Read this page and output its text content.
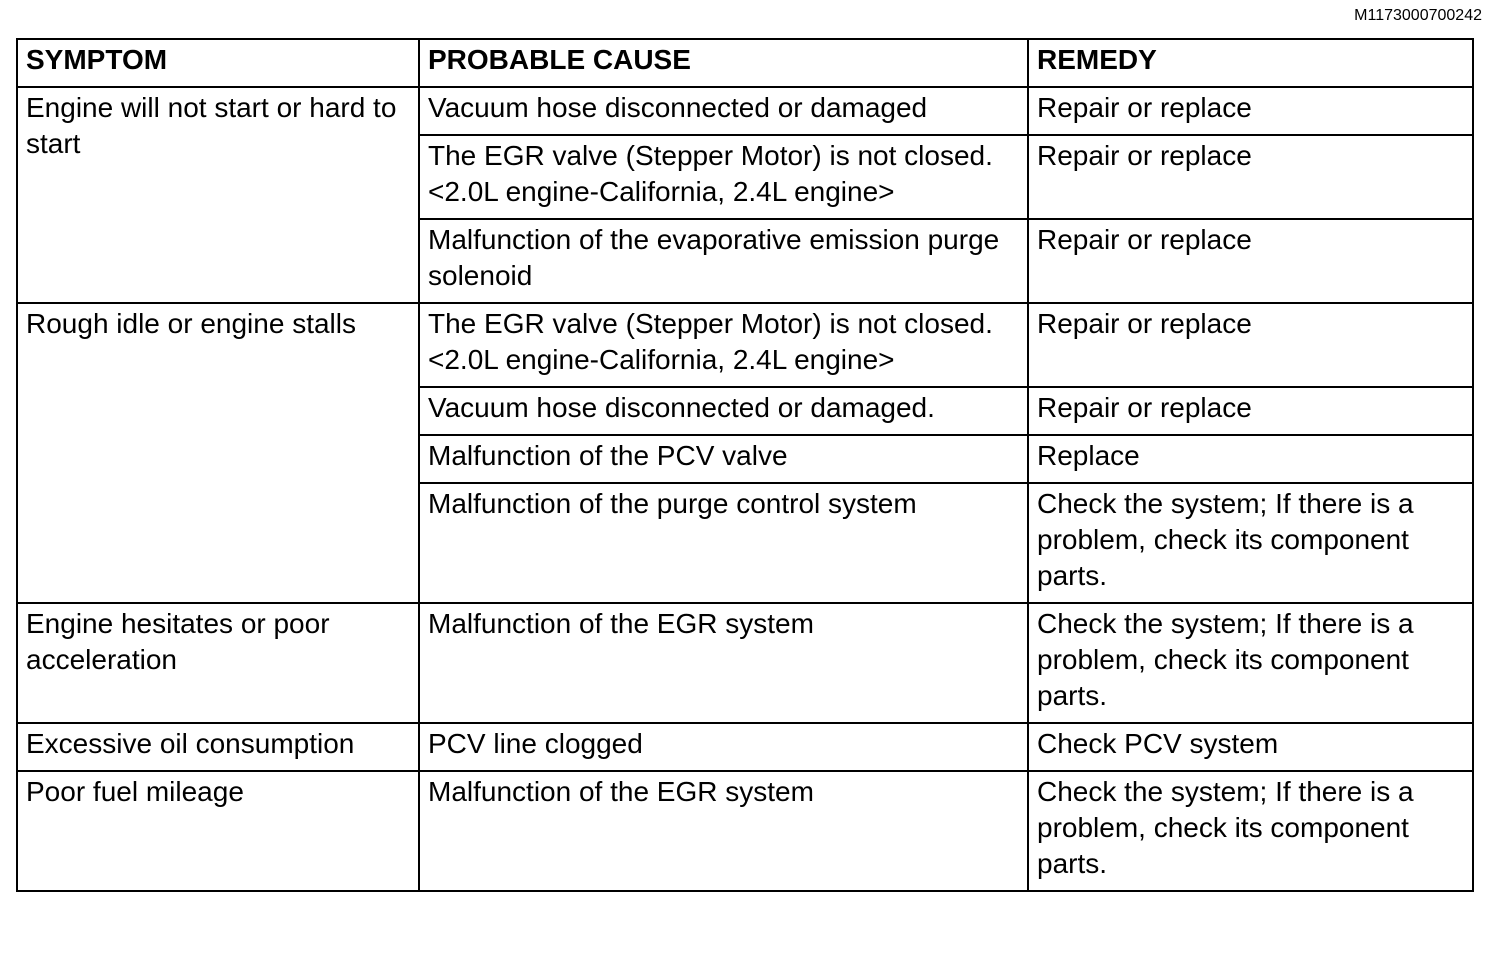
M1173000700242
SYMPTOM	PROBABLE CAUSE	REMEDY
Engine will not start or hard to start	Vacuum hose disconnected or damaged	Repair or replace
	The EGR valve (Stepper Motor) is not closed. <2.0L engine-California, 2.4L engine>	Repair or replace
	Malfunction of the evaporative emission purge solenoid	Repair or replace
Rough idle or engine stalls	The EGR valve (Stepper Motor) is not closed. <2.0L engine-California, 2.4L engine>	Repair or replace
	Vacuum hose disconnected or damaged.	Repair or replace
	Malfunction of the PCV valve	Replace
	Malfunction of the purge control system	Check the system; If there is a problem, check its component parts.
Engine hesitates or poor acceleration	Malfunction of the EGR system	Check the system; If there is a problem, check its component parts.
Excessive oil consumption	PCV line clogged	Check PCV system
Poor fuel mileage	Malfunction of the EGR system	Check the system; If there is a problem, check its component parts.
